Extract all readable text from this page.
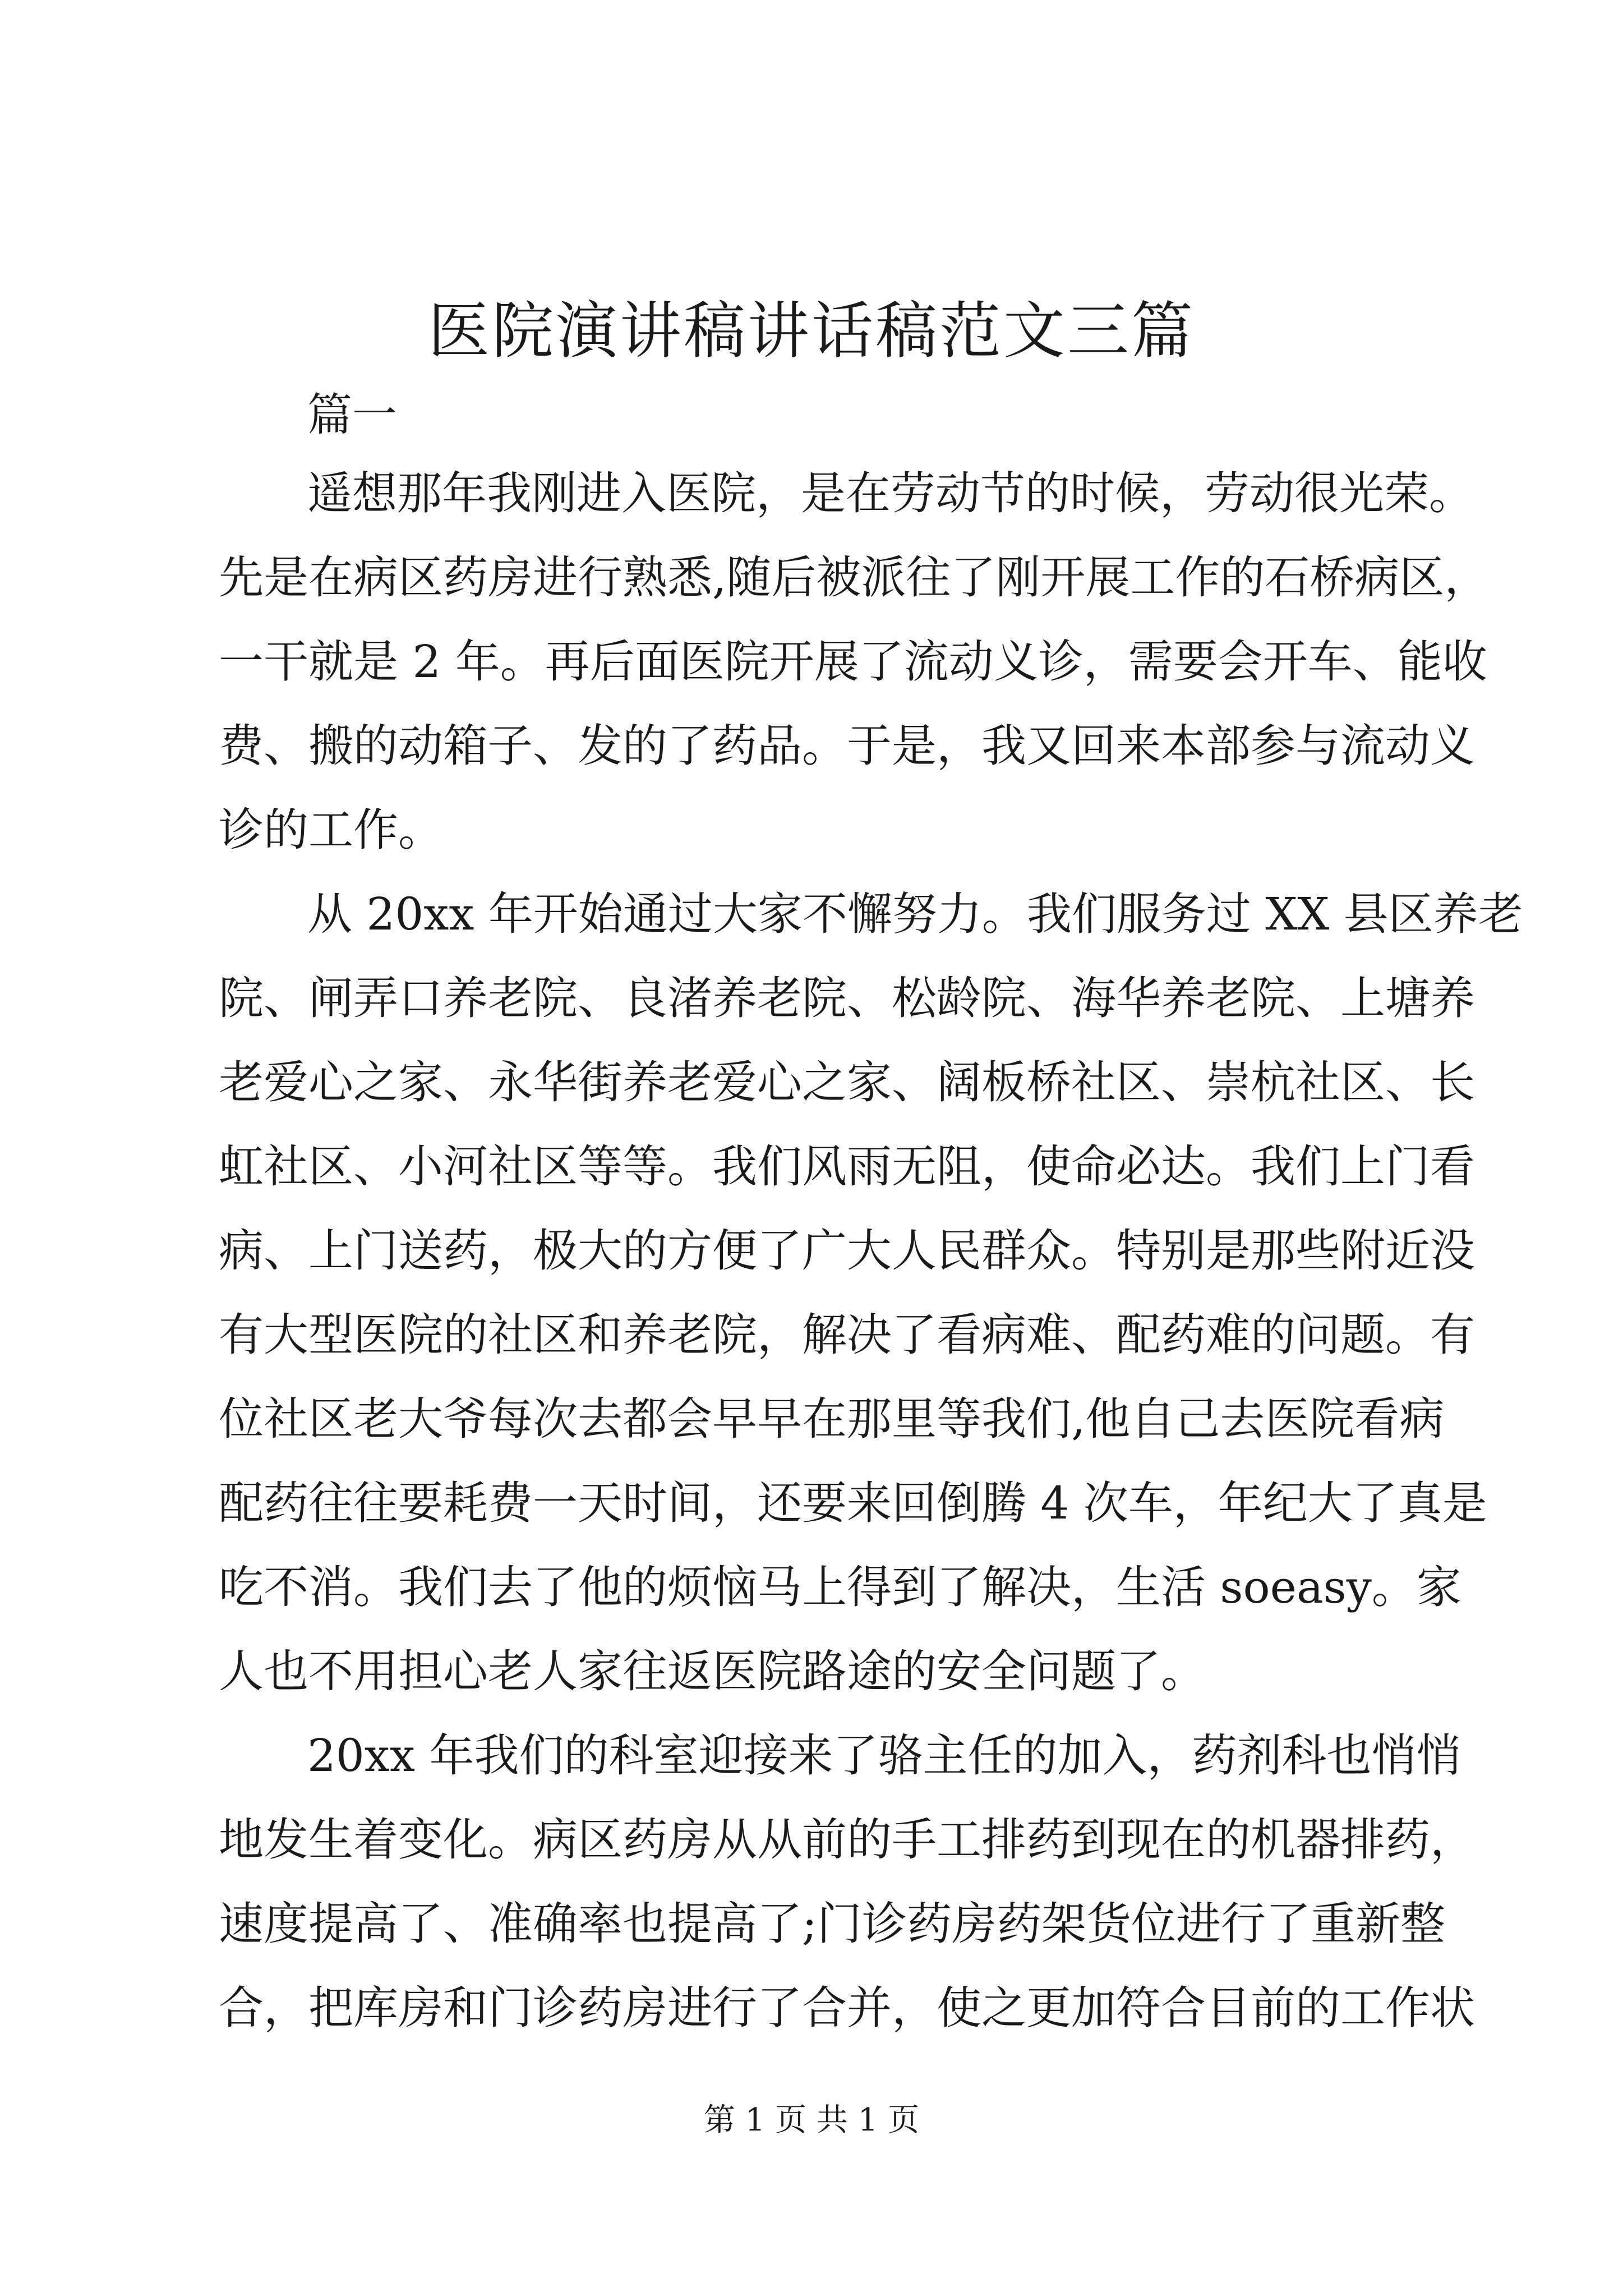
医院演讲稿讲话稿范文三篇

篇一

遥想那年我刚进入医院，是在劳动节的时候，劳动很光荣。

先是在病区药房进行熟悉,随后被派往了刚开展工作的石桥病区，

一干就是 2 年。再后面医院开展了流动义诊，需要会开车、能收

费、搬的动箱子、发的了药品。于是，我又回来本部参与流动义

诊的工作。

从 20xx 年开始通过大家不懈努力。我们服务过 XX 县区养老

院、闸弄口养老院、良渚养老院、松龄院、海华养老院、上塘养

老爱心之家、永华街养老爱心之家、阔板桥社区、崇杭社区、长

虹社区、小河社区等等。我们风雨无阻，使命必达。我们上门看

病、上门送药，极大的方便了广大人民群众。特别是那些附近没

有大型医院的社区和养老院，解决了看病难、配药难的问题。有

位社区老大爷每次去都会早早在那里等我们,他自己去医院看病

配药往往要耗费一天时间，还要来回倒腾 4 次车，年纪大了真是

吃不消。我们去了他的烦恼马上得到了解决，生活 soeasy。家

人也不用担心老人家往返医院路途的安全问题了。

20xx 年我们的科室迎接来了骆主任的加入，药剂科也悄悄

地发生着变化。病区药房从从前的手工排药到现在的机器排药，

速度提高了、准确率也提高了;门诊药房药架货位进行了重新整

合，把库房和门诊药房进行了合并，使之更加符合目前的工作状

第 1 页 共 1 页
